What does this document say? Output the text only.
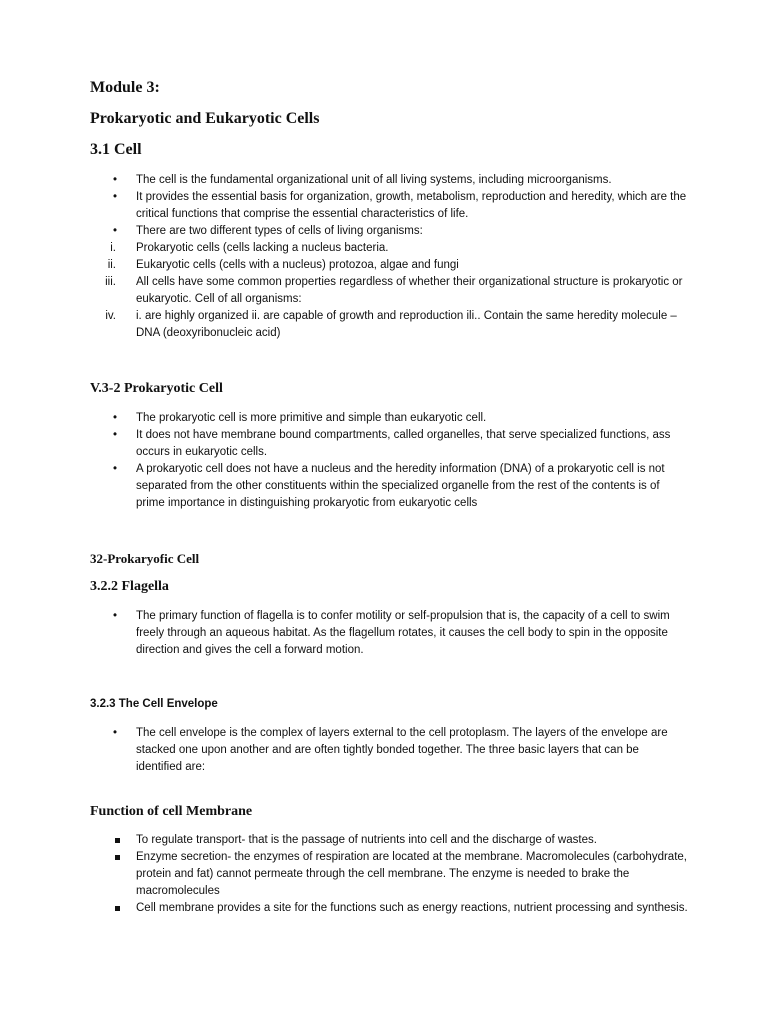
Module 3:
Prokaryotic and Eukaryotic Cells
3.1 Cell
• The cell is the fundamental organizational unit of all living systems, including microorganisms.
• It provides the essential basis for organization, growth, metabolism, reproduction and heredity, which are the critical functions that comprise the essential characteristics of life.
• There are two different types of cells of living organisms:
i. Prokaryotic cells (cells lacking a nucleus bacteria.
ii. Eukaryotic cells (cells with a nucleus) protozoa, algae and fungi
iii. All cells have some common properties regardless of whether their organizational structure is prokaryotic or eukaryotic. Cell of all organisms:
iv. i. are highly organized ii. are capable of growth and reproduction ili.. Contain the same heredity molecule – DNA (deoxyribonucleic acid)
V.3-2 Prokaryotic Cell
• The prokaryotic cell is more primitive and simple than eukaryotic cell.
• It does not have membrane bound compartments, called organelles, that serve specialized functions, ass occurs in eukaryotic cells.
• A prokaryotic cell does not have a nucleus and the heredity information (DNA) of a prokaryotic cell is not separated from the other constituents within the specialized organelle from the rest of the contents is of prime importance in distinguishing prokaryotic from eukaryotic cells
32-Prokaryofic Cell
3.2.2 Flagella
• The primary function of flagella is to confer motility or self-propulsion that is, the capacity of a cell to swim freely through an aqueous habitat. As the flagellum rotates, it causes the cell body to spin in the opposite direction and gives the cell a forward motion.
3.2.3 The Cell Envelope
• The cell envelope is the complex of layers external to the cell protoplasm. The layers of the envelope are stacked one upon another and are often tightly bonded together. The three basic layers that can be identified are:
Function of cell Membrane
To regulate transport- that is the passage of nutrients into cell and the discharge of wastes.
Enzyme secretion- the enzymes of respiration are located at the membrane. Macromolecules (carbohydrate, protein and fat) cannot permeate through the cell membrane. The enzyme is needed to brake the macromolecules
Cell membrane provides a site for the functions such as energy reactions, nutrient processing and synthesis.
